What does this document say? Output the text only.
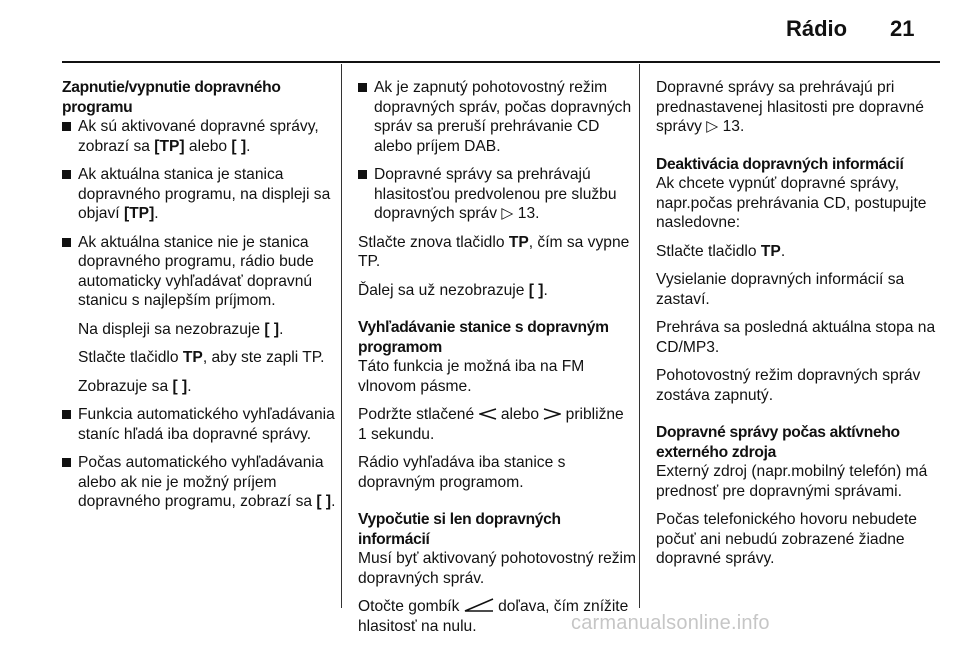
Rádio 21
Zapnutie/vypnutie dopravného programu
Ak sú aktivované dopravné správy, zobrazí sa [TP] alebo [ ].
Ak aktuálna stanica je stanica dopravného programu, na displeji sa objaví [TP].
Ak aktuálna stanice nie je stanica dopravného programu, rádio bude automaticky vyhľadávať dopravnú stanicu s najlepším príjmom.

Na displeji sa nezobrazuje [ ].

Stlačte tlačidlo TP, aby ste zapli TP.

Zobrazuje sa [ ].

Funkcia automatického vyhľadávania staníc hľadá iba dopravné správy.
Počas automatického vyhľadávania alebo ak nie je možný príjem dopravného programu, zobrazí sa [ ].
Ak je zapnutý pohotovostný režim dopravných správ, počas dopravných správ sa preruší prehrávanie CD alebo príjem DAB.
Dopravné správy sa prehrávajú hlasitosťou predvolenou pre službu dopravných správ ▷ 13.

Stlačte znova tlačidlo TP, čím sa vypne TP.

Ďalej sa už nezobrazuje [ ].

Vyhľadávanie stanice s dopravným programom

Táto funkcia je možná iba na FM vlnovom pásme.

Podržte stlačené  alebo  približne 1 sekundu.

Rádio vyhľadáva iba stanice s dopravným programom.

Vypočutie si len dopravných informácií

Musí byť aktivovaný pohotovostný režim dopravných správ.

Otočte gombík  doľava, čím znížite hlasitosť na nulu.

Dopravné správy sa prehrávajú pri prednastavenej hlasitosti pre dopravné správy ▷ 13.

Deaktivácia dopravných informácií

Ak chcete vypnúť dopravné správy, napr.počas prehrávania CD, postupujte nasledovne:

Stlačte tlačidlo TP.

Vysielanie dopravných informácií sa zastaví.

Prehráva sa posledná aktuálna stopa na CD/MP3.

Pohotovostný režim dopravných správ zostáva zapnutý.

Dopravné správy počas aktívneho externého zdroja

Externý zdroj (napr.mobilný telefón) má prednosť pre dopravnými správami.

Počas telefonického hovoru nebudete počuť ani nebudú zobrazené žiadne dopravné správy.

carmanualsonline.info
